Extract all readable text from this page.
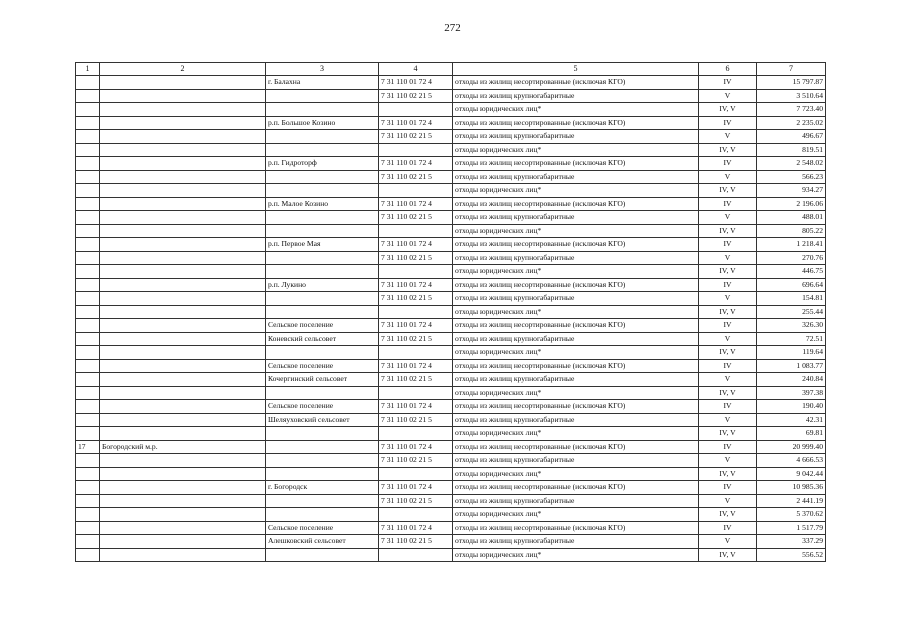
272
1	2	3	4	5	6	7
		г. Балахна	7 31 110 01 72 4	отходы из жилищ несортированные (исключая КГО)	IV	15 797.87
			7 31 110 02 21 5	отходы из жилищ крупногабаритные	V	3 510.64
				отходы юридических лиц*	IV, V	7 723.40
		р.п. Большое Козино	7 31 110 01 72 4	отходы из жилищ несортированные (исключая КГО)	IV	2 235.02
			7 31 110 02 21 5	отходы из жилищ крупногабаритные	V	496.67
				отходы юридических лиц*	IV, V	819.51
		р.п. Гидроторф	7 31 110 01 72 4	отходы из жилищ несортированные (исключая КГО)	IV	2 548.02
			7 31 110 02 21 5	отходы из жилищ крупногабаритные	V	566.23
				отходы юридических лиц*	IV, V	934.27
		р.п. Малое Козино	7 31 110 01 72 4	отходы из жилищ несортированные (исключая КГО)	IV	2 196.06
			7 31 110 02 21 5	отходы из жилищ крупногабаритные	V	488.01
				отходы юридических лиц*	IV, V	805.22
		р.п. Первое Мая	7 31 110 01 72 4	отходы из жилищ несортированные (исключая КГО)	IV	1 218.41
			7 31 110 02 21 5	отходы из жилищ крупногабаритные	V	270.76
				отходы юридических лиц*	IV, V	446.75
		р.п. Лукино	7 31 110 01 72 4	отходы из жилищ несортированные (исключая КГО)	IV	696.64
			7 31 110 02 21 5	отходы из жилищ крупногабаритные	V	154.81
				отходы юридических лиц*	IV, V	255.44
		Сельское поселение	7 31 110 01 72 4	отходы из жилищ несортированные (исключая КГО)	IV	326.30
		Коневский сельсовет	7 31 110 02 21 5	отходы из жилищ крупногабаритные	V	72.51
				отходы юридических лиц*	IV, V	119.64
		Сельское поселение	7 31 110 01 72 4	отходы из жилищ несортированные (исключая КГО)	IV	1 083.77
		Кочергинский сельсовет	7 31 110 02 21 5	отходы из жилищ крупногабаритные	V	240.84
				отходы юридических лиц*	IV, V	397.38
		Сельское поселение	7 31 110 01 72 4	отходы из жилищ несортированные (исключая КГО)	IV	190.40
		Шеляуховский сельсовет	7 31 110 02 21 5	отходы из жилищ крупногабаритные	V	42.31
				отходы юридических лиц*	IV, V	69.81
17	Богородский м.р.		7 31 110 01 72 4	отходы из жилищ несортированные (исключая КГО)	IV	20 999.40
			7 31 110 02 21 5	отходы из жилищ крупногабаритные	V	4 666.53
				отходы юридических лиц*	IV, V	9 042.44
		г. Богородск	7 31 110 01 72 4	отходы из жилищ несортированные (исключая КГО)	IV	10 985.36
			7 31 110 02 21 5	отходы из жилищ крупногабаритные	V	2 441.19
				отходы юридических лиц*	IV, V	5 370.62
		Сельское поселение	7 31 110 01 72 4	отходы из жилищ несортированные (исключая КГО)	IV	1 517.79
		Алешковский сельсовет	7 31 110 02 21 5	отходы из жилищ крупногабаритные	V	337.29
				отходы юридических лиц*	IV, V	556.52
